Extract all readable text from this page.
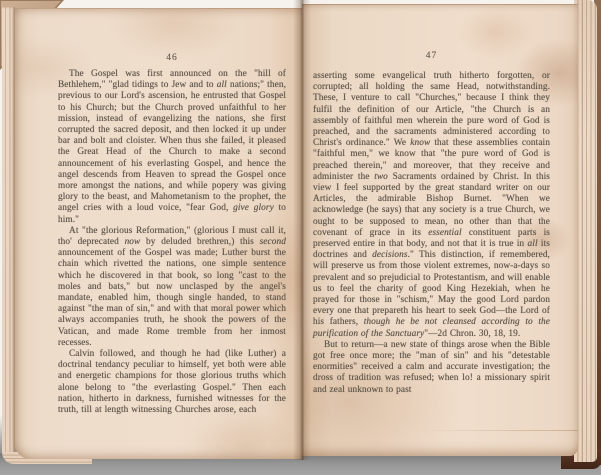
46

The Gospel was first announced on the "hill of Bethlehem," "glad tidings to Jew and to all nations;" then, previous to our Lord's ascension, he entrusted that Gospel to his Church; but the Church proved unfaithful to her mission, instead of evangelizing the nations, she first corrupted the sacred deposit, and then locked it up under bar and bolt and cloister. When thus she failed, it pleased the Great Head of the Church to make a second announcement of his everlasting Gospel, and hence the angel descends from Heaven to spread the Gospel once more amongst the nations, and while popery was giving glory to the beast, and Mahometanism to the prophet, the angel cries with a loud voice, "fear God, give glory to him."

At "the glorious Reformation," (glorious I must call it, tho' deprecated now by deluded brethren,) this second announcement of the Gospel was made; Luther burst the chain which rivetted the nations, one simple sentence which he discovered in that book, so long "cast to the moles and bats," but now unclasped by the angel's mandate, enabled him, though single handed, to stand against "the man of sin," and with that moral power which always accompanies truth, he shook the powers of the Vatican, and made Rome tremble from her inmost recesses.

Calvin followed, and though he had (like Luther) a doctrinal tendancy peculiar to himself, yet both were able and energetic champions for those glorious truths which alone belong to "the everlasting Gospel." Then each nation, hitherto in darkness, furnished witnesses for the truth, till at length witnessing Churches arose, each

47

asserting some evangelical truth hitherto forgotten, or corrupted; all holding the same Head, notwithstanding. These, I venture to call "Churches," because I think they fulfil the definition of our Article, "the Church is an assembly of faithful men wherein the pure word of God is preached, and the sacraments administered according to Christ's ordinance." We know that these assemblies contain "faithful men," we know that "the pure word of God is preached therein," and moreover, that they receive and administer the two Sacraments ordained by Christ. In this view I feel supported by the great standard writer on our Articles, the admirable Bishop Burnet. "When we acknowledge (he says) that any society is a true Church, we ought to be supposed to mean, no other than that the covenant of grace in its essential constituent parts is preserved entire in that body, and not that it is true in all its doctrines and decisions." This distinction, if remembered, will preserve us from those violent extremes, now-a-days so prevalent and so prejudicial to Protestantism, and will enable us to feel the charity of good King Hezekiah, when he prayed for those in "schism," May the good Lord pardon every one that prepareth his heart to seek God—the Lord of his fathers, though he be not cleansed according to the purification of the Sanctuary"—2d Chron. 30, 18, 19.

But to return—a new state of things arose when the Bible got free once more; the "man of sin" and his "detestable enormities" received a calm and accurate investigation; the dross of tradition was refused; when lo! a missionary spirit and zeal unknown to past
